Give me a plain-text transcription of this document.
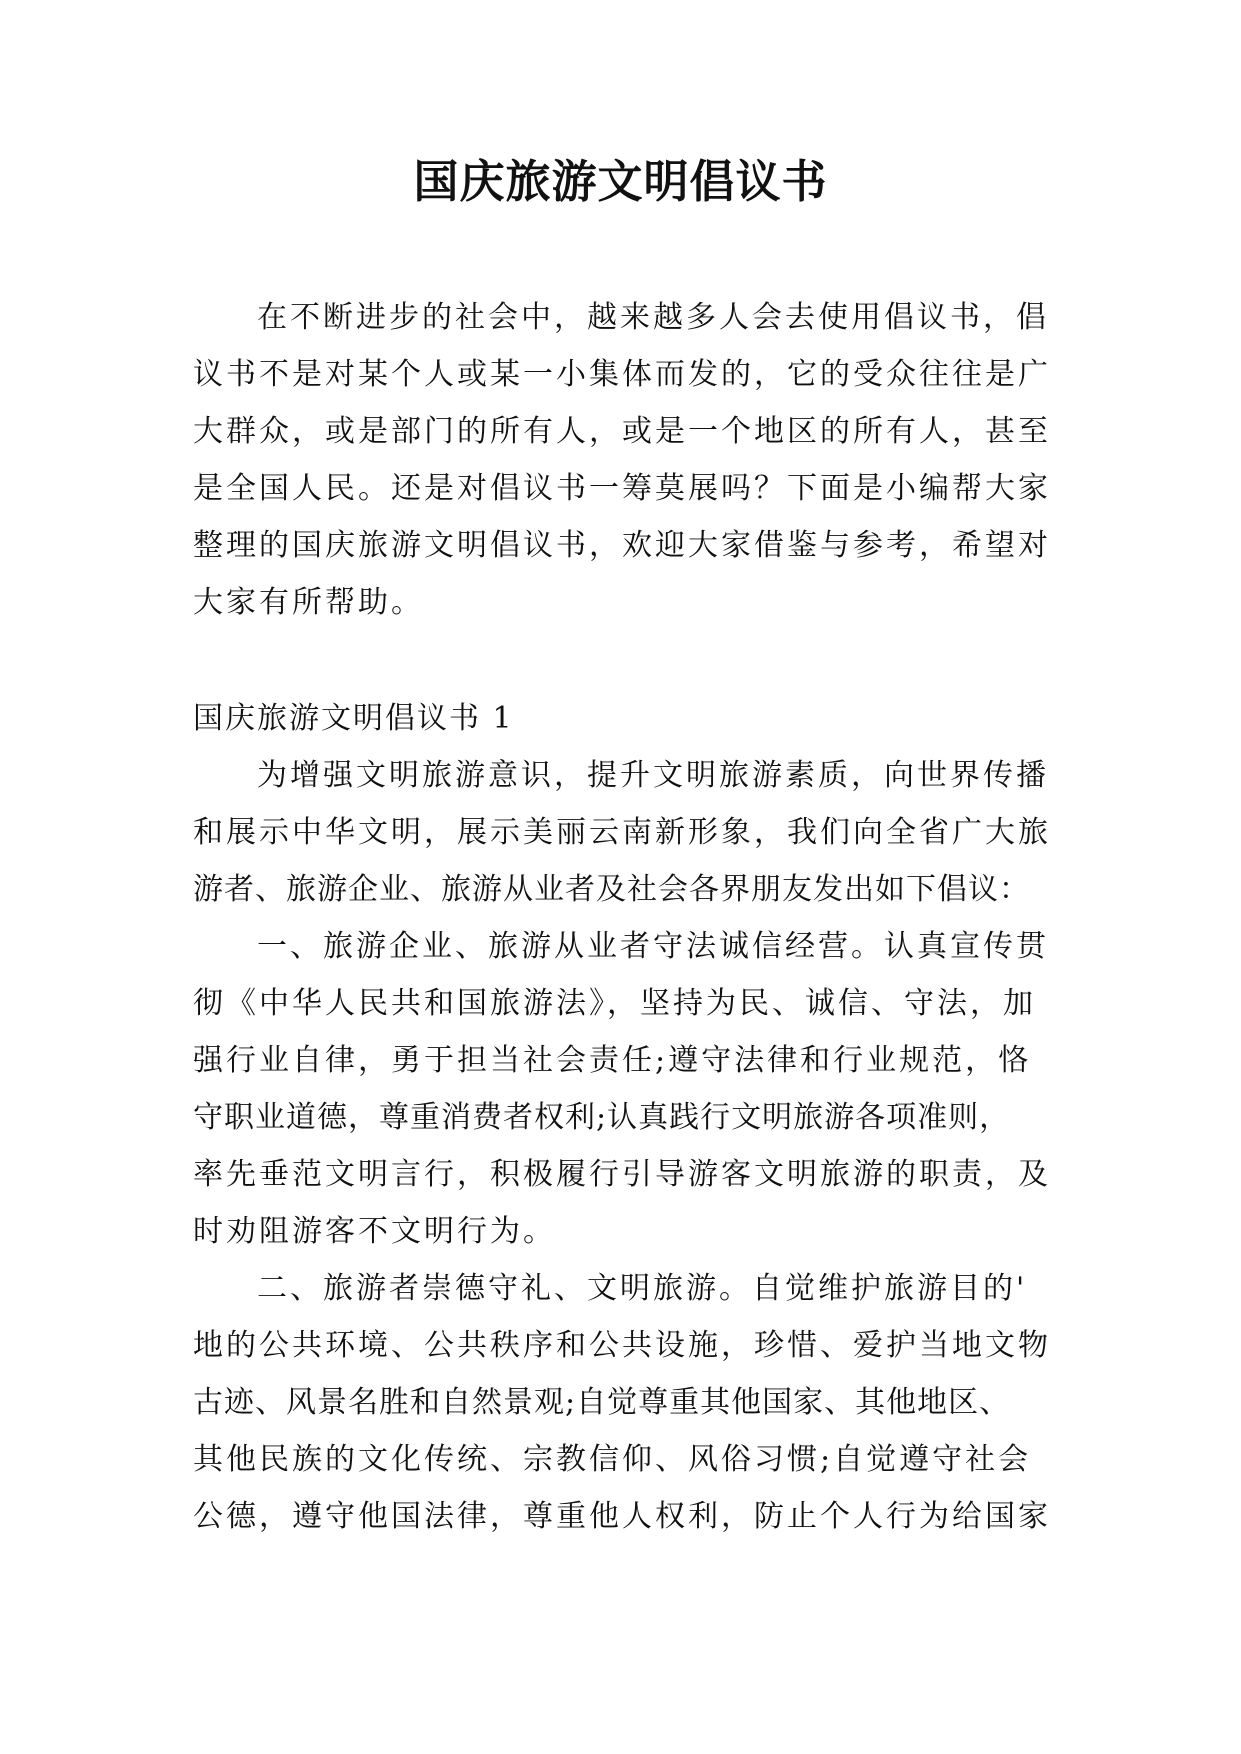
国庆旅游文明倡议书
在不断进步的社会中，越来越多人会去使用倡议书，倡
议书不是对某个人或某一小集体而发的，它的受众往往是广
大群众，或是部门的所有人，或是一个地区的所有人，甚至
是全国人民。还是对倡议书一筹莫展吗？下面是小编帮大家
整理的国庆旅游文明倡议书，欢迎大家借鉴与参考，希望对
大家有所帮助。
国庆旅游文明倡议书 1
为增强文明旅游意识，提升文明旅游素质，向世界传播
和展示中华文明，展示美丽云南新形象，我们向全省广大旅
游者、旅游企业、旅游从业者及社会各界朋友发出如下倡议：
一、旅游企业、旅游从业者守法诚信经营。认真宣传贯
彻《中华人民共和国旅游法》，坚持为民、诚信、守法，加
强行业自律，勇于担当社会责任;遵守法律和行业规范，恪
守职业道德，尊重消费者权利;认真践行文明旅游各项准则，
率先垂范文明言行，积极履行引导游客文明旅游的职责，及
时劝阻游客不文明行为。
二、旅游者崇德守礼、文明旅游。自觉维护旅游目的'
地的公共环境、公共秩序和公共设施，珍惜、爱护当地文物
古迹、风景名胜和自然景观;自觉尊重其他国家、其他地区、
其他民族的文化传统、宗教信仰、风俗习惯;自觉遵守社会
公德，遵守他国法律，尊重他人权利，防止个人行为给国家
